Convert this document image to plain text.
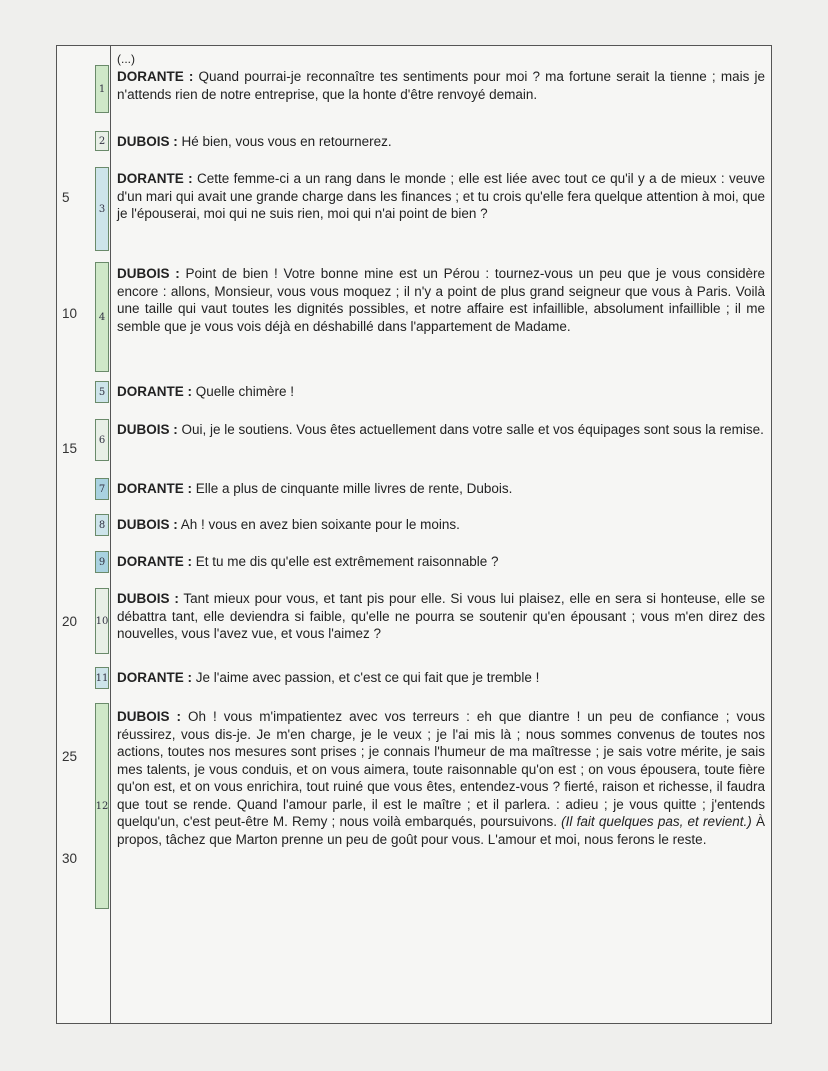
(...)
5
10
15
20
25
30
1
2
3
4
5
6
7
8
9
10
11
12
DORANTE : Quand pourrai-je reconnaître tes sentiments pour moi ? ma fortune serait la tienne ; mais je n'attends rien de notre entreprise, que la honte d'être renvoyé demain.
DUBOIS : Hé bien, vous vous en retournerez.
DORANTE : Cette femme-ci a un rang dans le monde ; elle est liée avec tout ce qu'il y a de mieux : veuve d'un mari qui avait une grande charge dans les finances ; et tu crois qu'elle fera quelque attention à moi, que je l'épouserai, moi qui ne suis rien, moi qui n'ai point de bien ?
DUBOIS : Point de bien ! Votre bonne mine est un Pérou : tournez-vous un peu que je vous considère encore : allons, Monsieur, vous vous moquez ; il n'y a point de plus grand seigneur que vous à Paris. Voilà une taille qui vaut toutes les dignités possibles, et notre affaire est infaillible, absolument infaillible ; il me semble que je vous vois déjà en déshabillé dans l'appartement de Madame.
DORANTE : Quelle chimère !
DUBOIS : Oui, je le soutiens. Vous êtes actuellement dans votre salle et vos équipages sont sous la remise.
DORANTE : Elle a plus de cinquante mille livres de rente, Dubois.
DUBOIS : Ah ! vous en avez bien soixante pour le moins.
DORANTE : Et tu me dis qu'elle est extrêmement raisonnable ?
DUBOIS : Tant mieux pour vous, et tant pis pour elle. Si vous lui plaisez, elle en sera si honteuse, elle se débattra tant, elle deviendra si faible, qu'elle ne pourra se soutenir qu'en épousant ; vous m'en direz des nouvelles, vous l'avez vue, et vous l'aimez ?
DORANTE : Je l'aime avec passion, et c'est ce qui fait que je tremble !
DUBOIS : Oh ! vous m'impatientez avec vos terreurs : eh que diantre ! un peu de confiance ; vous réussirez, vous dis-je. Je m'en charge, je le veux ; je l'ai mis là ; nous sommes convenus de toutes nos actions, toutes nos mesures sont prises ; je connais l'humeur de ma maîtresse ; je sais votre mérite, je sais mes talents, je vous conduis, et on vous aimera, toute raisonnable qu'on est ; on vous épousera, toute fière qu'on est, et on vous enrichira, tout ruiné que vous êtes, entendez-vous ? fierté, raison et richesse, il faudra que tout se rende. Quand l'amour parle, il est le maître ; et il parlera. : adieu ; je vous quitte ; j'entends quelqu'un, c'est peut-être M. Remy ; nous voilà embarqués, poursuivons. (Il fait quelques pas, et revient.) À propos, tâchez que Marton prenne un peu de goût pour vous. L'amour et moi, nous ferons le reste.
